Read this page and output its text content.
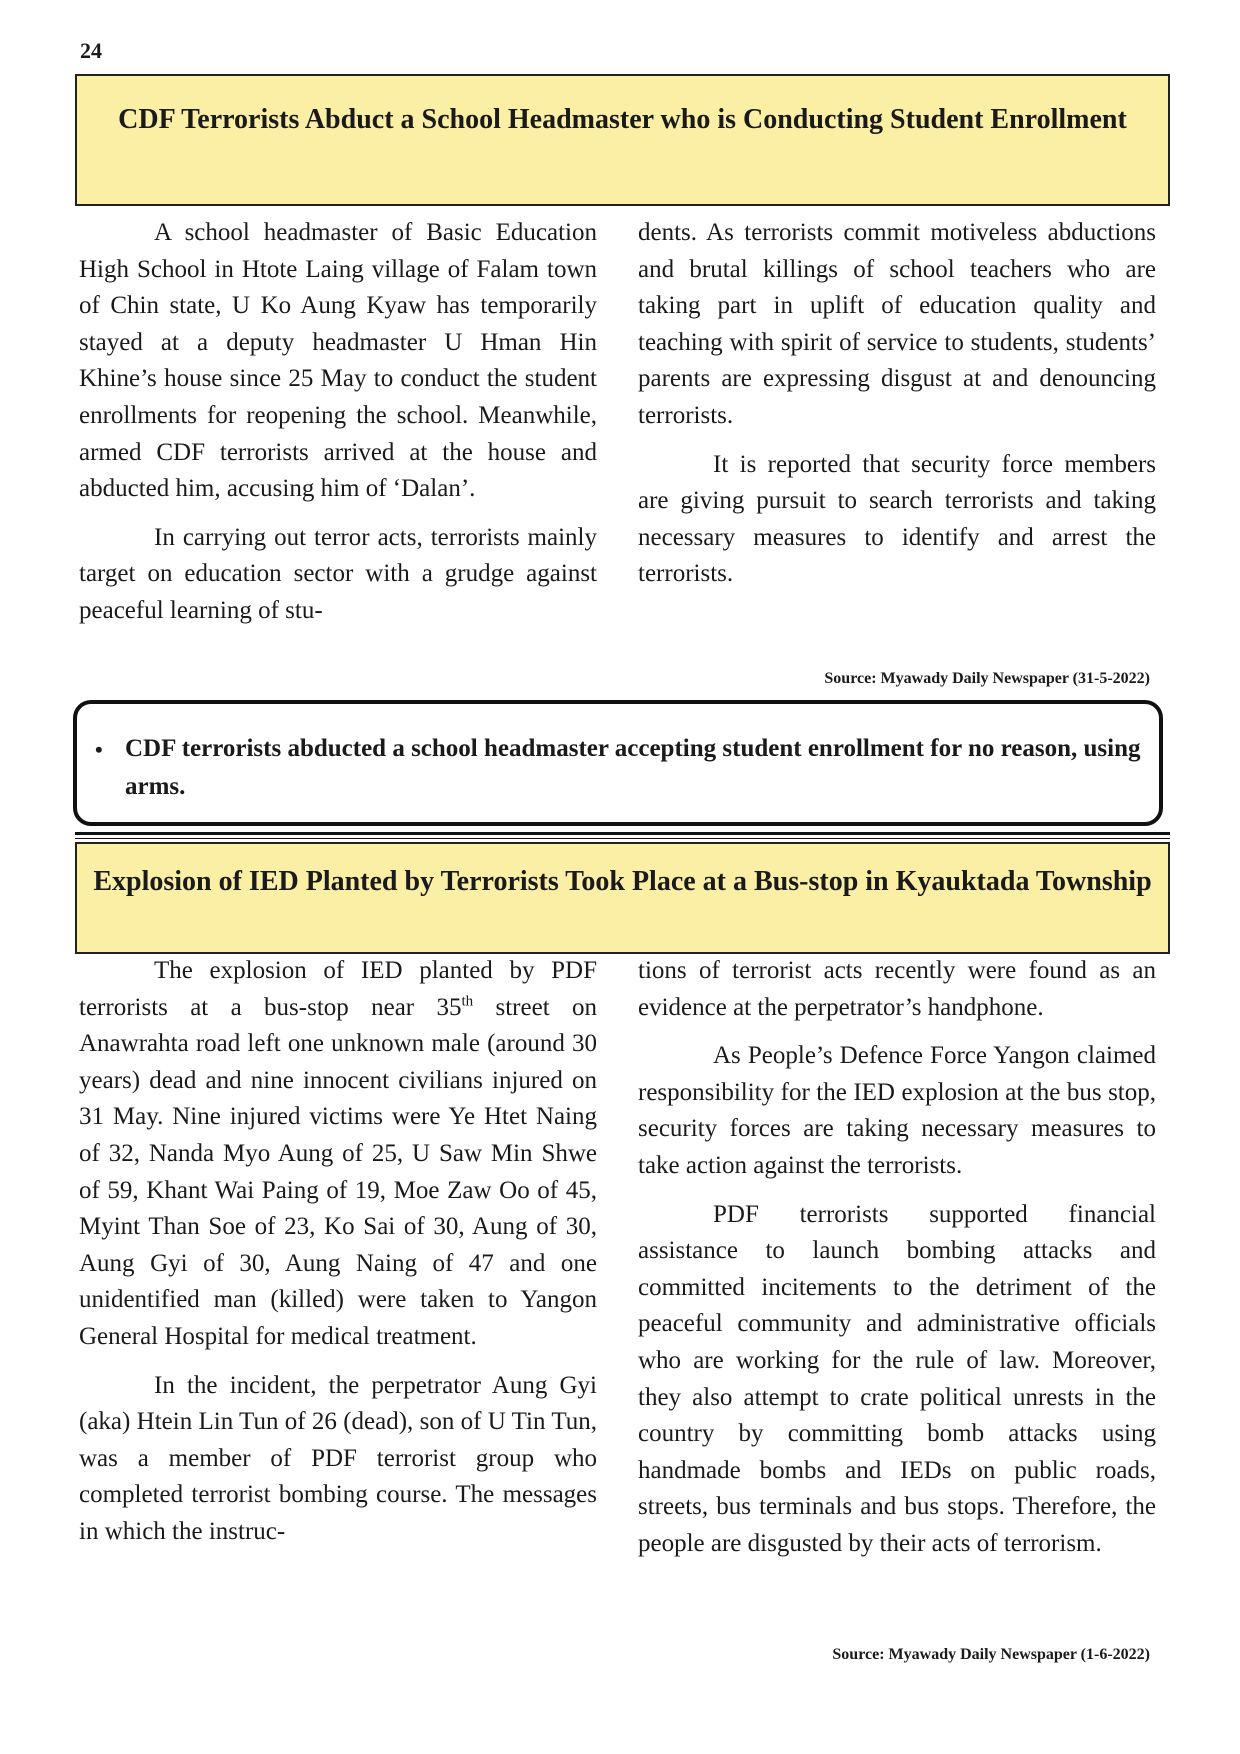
24
CDF Terrorists Abduct a School Headmaster who is Conducting Student Enrollment

A school headmaster of Basic Education High School in Htote Laing village of Falam town of Chin state, U Ko Aung Kyaw has temporarily stayed at a deputy headmaster U Hman Hin Khine’s house since 25 May to conduct the student enrollments for reopening the school. Meanwhile, armed CDF terrorists arrived at the house and abducted him, accusing him of ‘Dalan’.

In carrying out terror acts, terrorists mainly target on education sector with a grudge against peaceful learning of stu-

dents. As terrorists commit motiveless abductions and brutal killings of school teachers who are taking part in uplift of education quality and teaching with spirit of service to students, students’ parents are expressing disgust at and denouncing terrorists.

It is reported that security force members are giving pursuit to search terrorists and taking necessary measures to identify and arrest the terrorists.

Source: Myawady Daily Newspaper (31-5-2022)
• CDF terrorists abducted a school headmaster accepting student enrollment for no reason, using arms.
Explosion of IED Planted by Terrorists Took Place at a Bus-stop in Kyauktada Township

The explosion of IED planted by PDF terrorists at a bus-stop near 35th street on Anawrahta road left one unknown male (around 30 years) dead and nine innocent civilians injured on 31 May. Nine injured victims were Ye Htet Naing of 32, Nanda Myo Aung of 25, U Saw Min Shwe of 59, Khant Wai Paing of 19, Moe Zaw Oo of 45, Myint Than Soe of 23, Ko Sai of 30, Aung of 30, Aung Gyi of 30, Aung Naing of 47 and one unidentified man (killed) were taken to Yangon General Hospital for medical treatment.

In the incident, the perpetrator Aung Gyi (aka) Htein Lin Tun of 26 (dead), son of U Tin Tun, was a member of PDF terrorist group who completed terrorist bombing course. The messages in which the instruc-

tions of terrorist acts recently were found as an evidence at the perpetrator’s handphone.

As People’s Defence Force Yangon claimed responsibility for the IED explosion at the bus stop, security forces are taking necessary measures to take action against the terrorists.

PDF terrorists supported financial assistance to launch bombing attacks and committed incitements to the detriment of the peaceful community and administrative officials who are working for the rule of law. Moreover, they also attempt to crate political unrests in the country by committing bomb attacks using handmade bombs and IEDs on public roads, streets, bus terminals and bus stops. Therefore, the people are disgusted by their acts of terrorism.

Source: Myawady Daily Newspaper (1-6-2022)
